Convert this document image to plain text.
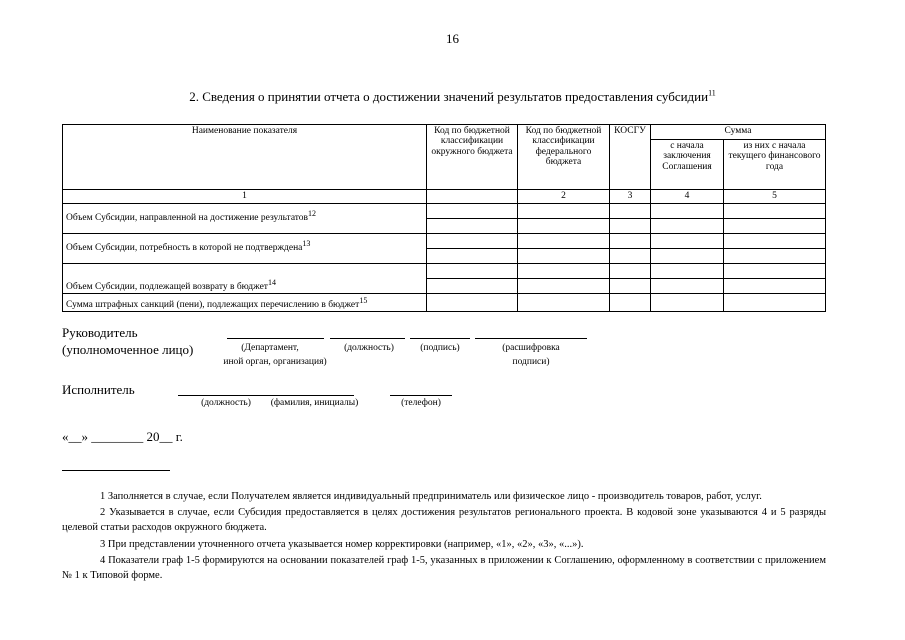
16
2. Сведения о принятии отчета о достижении значений результатов предоставления субсидии$^{11}$
Наименование показателя	Код по бюджетной классификации окружного бюджета	Код по бюджетной классификации федерального бюджета	КОСГУ	Сумма	
				с начала заключения Соглашения	из них с начала текущего финансового года
1		2	3	4	5
Объем Субсидии, направленной на достижение результатов$^{12}$					

Объем Субсидии, потребность в которой не подтверждена$^{13}$					

Объем Субсидии, подлежащей возврату в бюджет$^{14}$					

Сумма штрафных санкций (пени), подлежащих перечислению в бюджет$^{15}$					
Руководитель
(уполномоченное лицо)	(Департамент,
иной орган, организация)
(должность)	(подпись)	(расшифровка
подписи)
Исполнитель
(должность)	(фамилия, инициалы)	(телефон)
«__» ________ 20__ г.

1 Заполняется в случае, если Получателем является индивидуальный предприниматель или физическое лицо - производитель товаров, работ, услуг.

2 Указывается в случае, если Субсидия предоставляется в целях достижения результатов регионального проекта. В кодовой зоне указываются 4 и 5 разряды целевой статьи расходов окружного бюджета.

3 При представлении уточненного отчета указывается номер корректировки (например, «1», «2», «3», «...»).

4 Показатели граф 1-5 формируются на основании показателей граф 1-5, указанных в приложении к Соглашению, оформленному в соответствии с приложением № 1 к Типовой форме.
